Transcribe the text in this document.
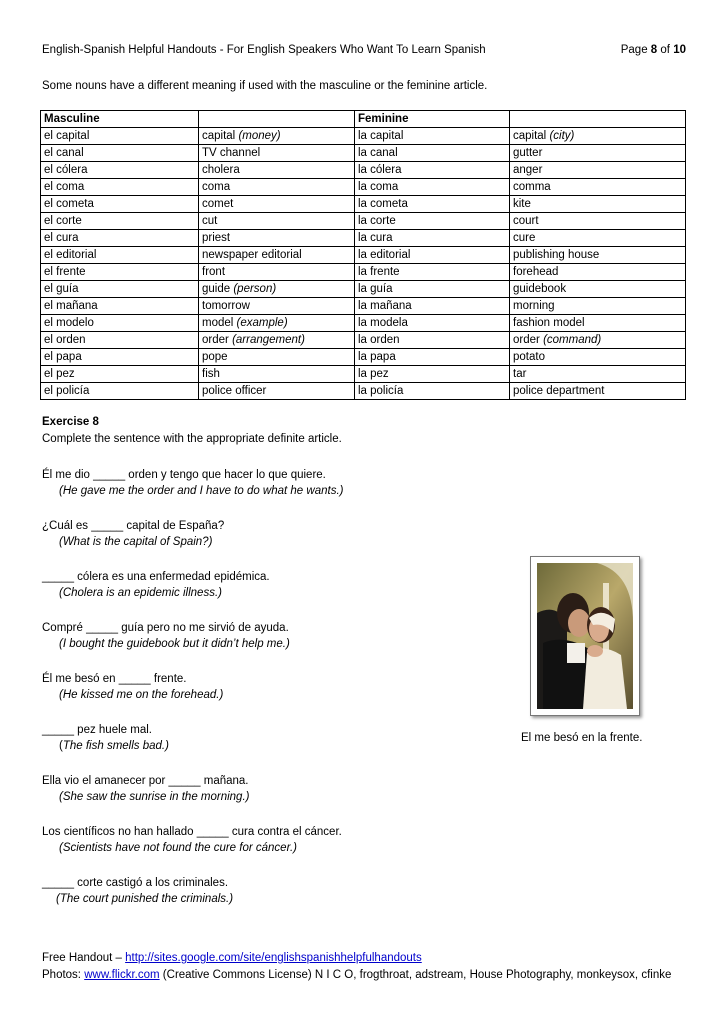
English-Spanish Helpful Handouts - For English Speakers Who Want To Learn Spanish	Page 8 of 10
Some nouns have a different meaning if used with the masculine or the feminine article.
Masculine		Feminine	
el capital	capital (money)	la capital	capital (city)
el canal	TV channel	la canal	gutter
el cólera	cholera	la cólera	anger
el coma	coma	la coma	comma
el cometa	comet	la cometa	kite
el corte	cut	la corte	court
el cura	priest	la cura	cure
el editorial	newspaper editorial	la editorial	publishing house
el frente	front	la frente	forehead
el guía	guide (person)	la guía	guidebook
el mañana	tomorrow	la mañana	morning
el modelo	model (example)	la modela	fashion model
el orden	order (arrangement)	la orden	order (command)
el papa	pope	la papa	potato
el pez	fish	la pez	tar
el policía	police officer	la policía	police department
Exercise 8
Complete the sentence with the appropriate definite article.
Él me dio _____ orden y tengo que hacer lo que quiere.
(He gave me the order and I have to do what he wants.)
¿Cuál es _____ capital de España?
(What is the capital of Spain?)
_____ cólera es una enfermedad epidémica.
(Cholera is an epidemic illness.)
Compré _____ guía pero no me sirvió de ayuda.
(I bought the guidebook but it didn’t help me.)
Él me besó en _____ frente.
(He kissed me on the forehead.)
_____ pez huele mal.
(The fish smells bad.)
Ella vio el amanecer por _____ mañana.
(She saw the sunrise in the morning.)
Los científicos no han hallado _____ cura contra el cáncer.
(Scientists have not found the cure for cáncer.)
_____ corte castigó a los criminales.
(The court punished the criminals.)
El me besó en la frente.
Free Handout – http://sites.google.com/site/englishspanishhelpfulhandouts
Photos: www.flickr.com (Creative Commons License) N I C O, frogthroat, adstream, House Photography, monkeysox, cfinke
